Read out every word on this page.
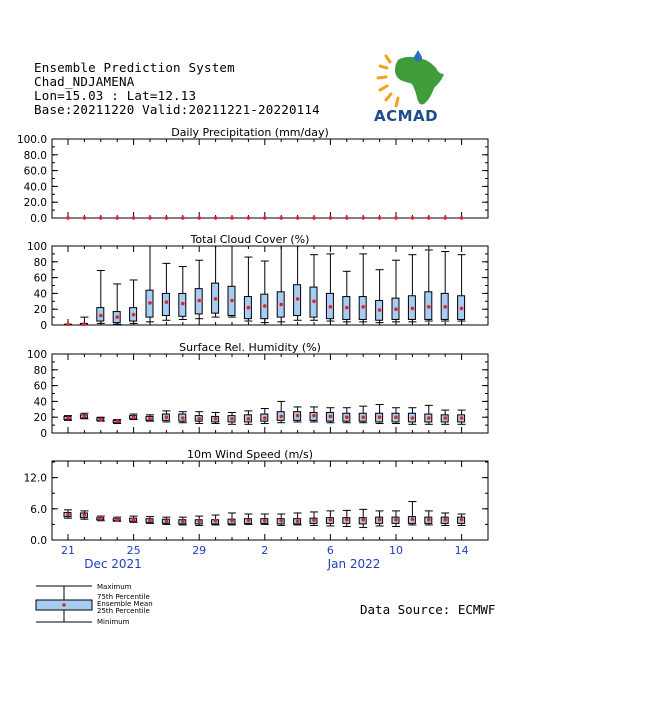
Ensemble Prediction System
Chad_NDJAMENA
Lon=15.03 : Lat=12.13
Base:20211220 Valid:20211221-20220114	ACMAD
Daily Precipitation (mm/day)
0.0
20.0
40.0
60.0
80.0
100.0
Total Cloud Cover (%)
0
20
40
60
80
100
Surface Rel. Humidity (%)
0
20
40
60
80
100
10m Wind Speed (m/s)
0.0
6.0
12.0
21	25	29	2	6	10	14
Dec 2021	Jan 2022
Maximum
75th Percentile
Ensemble Mean
25th Percentile
Minimum
Data Source: ECMWF
